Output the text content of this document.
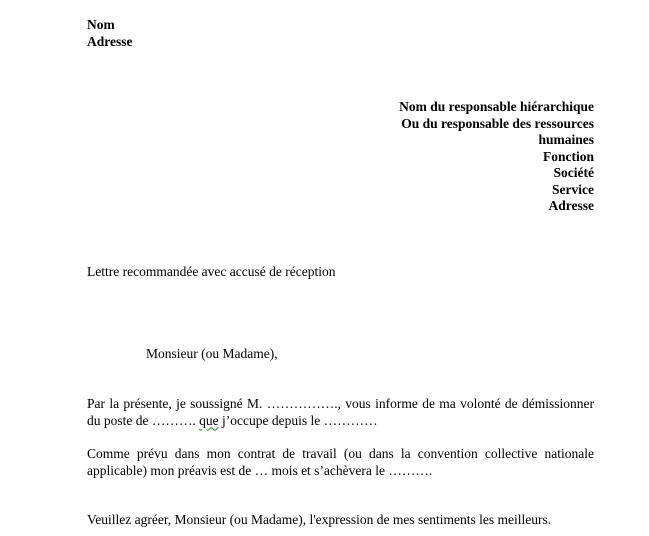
Nom
Adresse
Nom du responsable hiérarchique
Ou du responsable des ressources
humaines
Fonction
Société
Service
Adresse
Lettre recommandée avec accusé de réception
Monsieur (ou Madame),
Par la présente, je soussigné M. ……………., vous informe de ma volonté de démissionner du poste de ………. que j’occupe depuis le …………
Comme prévu dans mon contrat de travail (ou dans la convention collective nationale applicable) mon préavis est de … mois et s’achèvera le ……….
Veuillez agréer, Monsieur (ou Madame), l'expression de mes sentiments les meilleurs.
